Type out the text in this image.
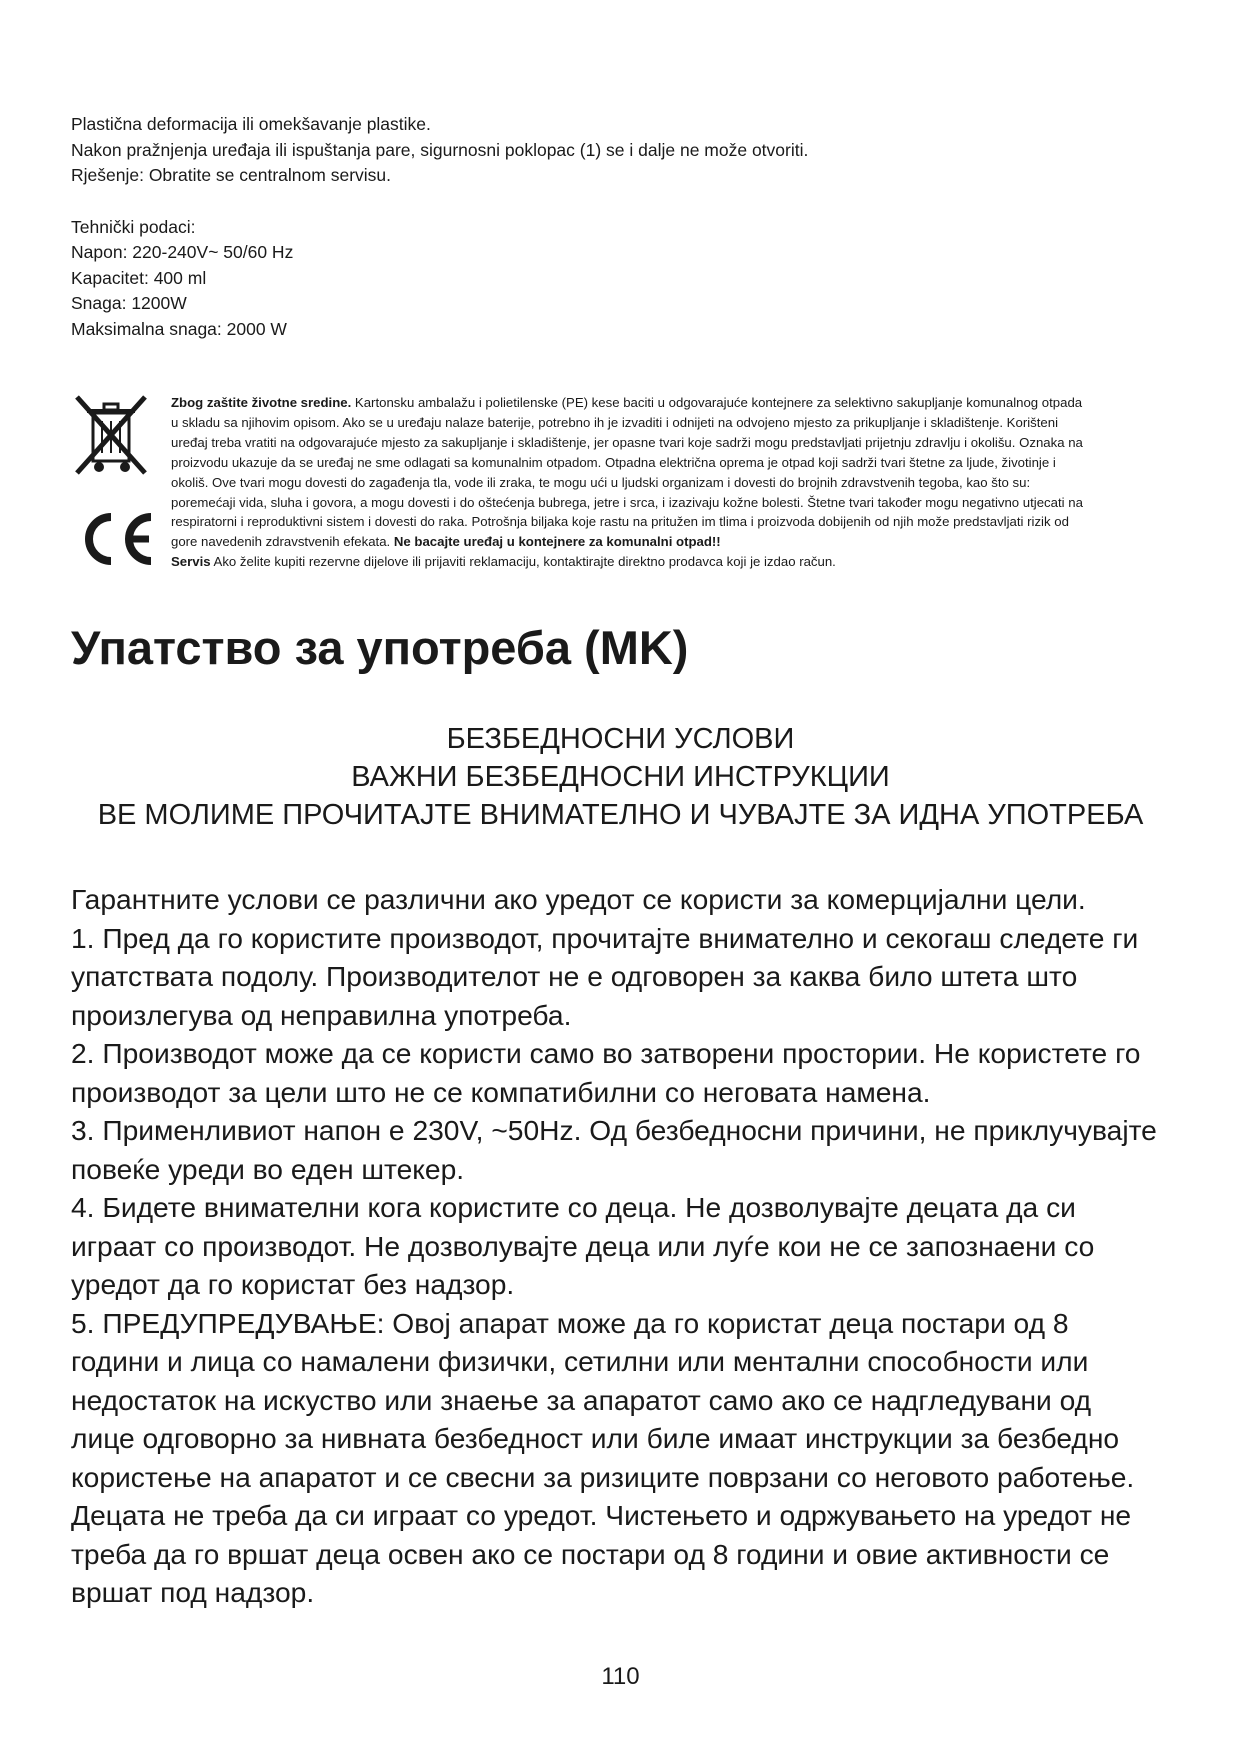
Plastična deformacija ili omekšavanje plastike.

Nakon pražnjenja uređaja ili ispuštanja pare, sigurnosni poklopac (1) se i dalje ne može otvoriti.

Rješenje: Obratite se centralnom servisu.

Tehnički podaci:

Napon: 220-240V~ 50/60 Hz

Kapacitet: 400 ml

Snaga: 1200W

Maksimalna snaga: 2000 W

Zbog zaštite životne sredine. Kartonsku ambalažu i polietilenske (PE) kese baciti u odgovarajuće kontejnere za selektivno sakupljanje komunalnog otpada

u skladu sa njihovim opisom. Ako se u uređaju nalaze baterije, potrebno ih je izvaditi i odnijeti na odvojeno mjesto za prikupljanje i skladištenje. Korišteni

uređaj treba vratiti na odgovarajuće mjesto za sakupljanje i skladištenje, jer opasne tvari koje sadrži mogu predstavljati prijetnju zdravlju i okolišu. Oznaka na

proizvodu ukazuje da se uređaj ne sme odlagati sa komunalnim otpadom. Otpadna električna oprema je otpad koji sadrži tvari štetne za ljude, životinje i

okoliš. Ove tvari mogu dovesti do zagađenja tla, vode ili zraka, te mogu ući u ljudski organizam i dovesti do brojnih zdravstvenih tegoba, kao što su:

poremećaji vida, sluha i govora, a mogu dovesti i do oštećenja bubrega, jetre i srca, i izazivaju kožne bolesti. Štetne tvari također mogu negativno utjecati na

respiratorni i reproduktivni sistem i dovesti do raka. Potrošnja biljaka koje rastu na pritužen im tlima i proizvoda dobijenih od njih može predstavljati rizik od

gore navedenih zdravstvenih efekata. Ne bacajte uređaj u kontejnere za komunalni otpad!!

Servis Ako želite kupiti rezervne dijelove ili prijaviti reklamaciju, kontaktirajte direktno prodavca koji je izdao račun.

Упатство за употреба (MK)

БЕЗБЕДНОСНИ УСЛОВИ

ВАЖНИ БЕЗБЕДНОСНИ ИНСТРУКЦИИ

ВЕ МОЛИМЕ ПРОЧИТАЈТЕ ВНИМАТЕЛНО И ЧУВАЈТЕ ЗА ИДНА УПОТРЕБА

Гарантните услови се различни ако уредот се користи за комерцијални цели.

1. Пред да го користите производот, прочитајте внимателно и секогаш следете ги

упатствата подолу. Производителот не е одговорен за каква било штета што

произлегува од неправилна употреба.

2. Производот може да се користи само во затворени простории. Не користете го

производот за цели што не се компатибилни со неговата намена.

3. Применливиот напон е 230V, ~50Hz. Од безбедносни причини, не приклучувајте

повеќе уреди во еден штекер.

4. Бидете внимателни кога користите со деца. Не дозволувајте децата да си

играат со производот. Не дозволувајте деца или луѓе кои не се запознаени со

уредот да го користат без надзор.

5. ПРЕДУПРЕДУВАЊЕ: Овој апарат може да го користат деца постари од 8

години и лица со намалени физички, сетилни или ментални способности или

недостаток на искуство или знаење за апаратот само ако се надгледувани од

лице одговорно за нивната безбедност или биле имаат инструкции за безбедно

користење на апаратот и се свесни за ризиците поврзани со неговото работење.

Децата не треба да си играат со уредот. Чистењето и одржувањето на уредот не

треба да го вршат деца освен ако се постари од 8 години и овие активности се

вршат под надзор.

110
